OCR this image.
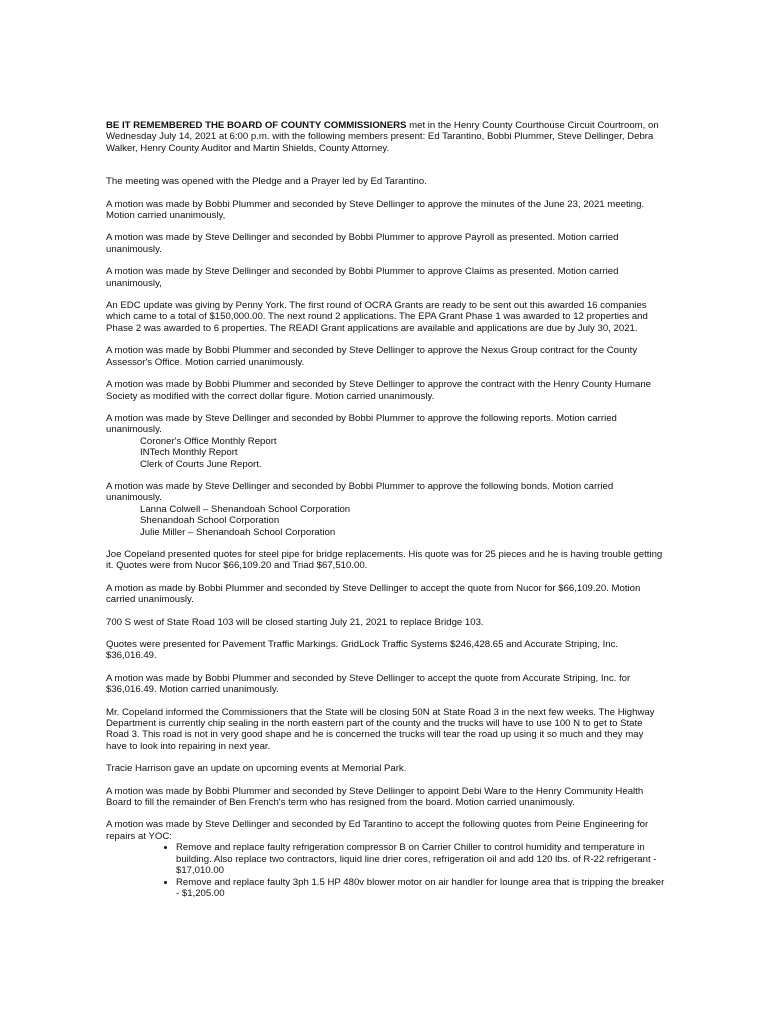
BE IT REMEMBERED THE BOARD OF COUNTY COMMISSIONERS met in the Henry County Courthouse Circuit Courtroom, on Wednesday July 14, 2021 at 6:00 p.m. with the following members present: Ed Tarantino, Bobbi Plummer, Steve Dellinger, Debra Walker, Henry County Auditor and Martin Shields, County Attorney.

The meeting was opened with the Pledge and a Prayer led by Ed Tarantino.

A motion was made by Bobbi Plummer and seconded by Steve Dellinger to approve the minutes of the June 23, 2021 meeting. Motion carried unanimously,

A motion was made by Steve Dellinger and seconded by Bobbi Plummer to approve Payroll as presented. Motion carried unanimously.

A motion was made by Steve Dellinger and seconded by Bobbi Plummer to approve Claims as presented. Motion carried unanimously,

An EDC update was giving by Penny York. The first round of OCRA Grants are ready to be sent out this awarded 16 companies which came to a total of $150,000.00. The next round 2 applications. The EPA Grant Phase 1 was awarded to 12 properties and Phase 2 was awarded to 6 properties. The READI Grant applications are available and applications are due by July 30, 2021.

A motion was made by Bobbi Plummer and seconded by Steve Dellinger to approve the Nexus Group contract for the County Assessor's Office. Motion carried unanimously.

A motion was made by Bobbi Plummer and seconded by Steve Dellinger to approve the contract with the Henry County Humane Society as modified with the correct dollar figure. Motion carried unanimously.

A motion was made by Steve Dellinger and seconded by Bobbi Plummer to approve the following reports. Motion carried unanimously.

Coroner's Office Monthly Report
INTech Monthly Report
Clerk of Courts June Report.

A motion was made by Steve Dellinger and seconded by Bobbi Plummer to approve the following bonds. Motion carried unanimously.

Lanna Colwell – Shenandoah School Corporation
Shenandoah School Corporation
Julie Miller – Shenandoah School Corporation

Joe Copeland presented quotes for steel pipe for bridge replacements. His quote was for 25 pieces and he is having trouble getting it. Quotes were from Nucor $66,109.20 and Triad $67,510.00.

A motion as made by Bobbi Plummer and seconded by Steve Dellinger to accept the quote from Nucor for $66,109.20. Motion carried unanimously.

700 S west of State Road 103 will be closed starting July 21, 2021 to replace Bridge 103.

Quotes were presented for Pavement Traffic Markings. GridLock Traffic Systems $246,428.65 and Accurate Striping, Inc. $36,016.49.

A motion was made by Bobbi Plummer and seconded by Steve Dellinger to accept the quote from Accurate Striping, Inc. for $36,016.49. Motion carried unanimously.

Mr. Copeland informed the Commissioners that the State will be closing 50N at State Road 3 in the next few weeks. The Highway Department is currently chip sealing in the north eastern part of the county and the trucks will have to use 100 N to get to State Road 3. This road is not in very good shape and he is concerned the trucks will tear the road up using it so much and they may have to look into repairing in next year.

Tracie Harrison gave an update on upcoming events at Memorial Park.

A motion was made by Bobbi Plummer and seconded by Steve Dellinger to appoint Debi Ware to the Henry Community Health Board to fill the remainder of Ben French's term who has resigned from the board. Motion carried unanimously.

A motion was made by Steve Dellinger and seconded by Ed Tarantino to accept the following quotes from Peine Engineering for repairs at YOC:

• Remove and replace faulty refrigeration compressor B on Carrier Chiller to control humidity and temperature in building. Also replace two contractors, liquid line drier cores, refrigeration oil and add 120 lbs. of R-22 refrigerant - $17,010.00
• Remove and replace faulty 3ph 1.5 HP 480v blower motor on air handler for lounge area that is tripping the breaker - $1,205.00
